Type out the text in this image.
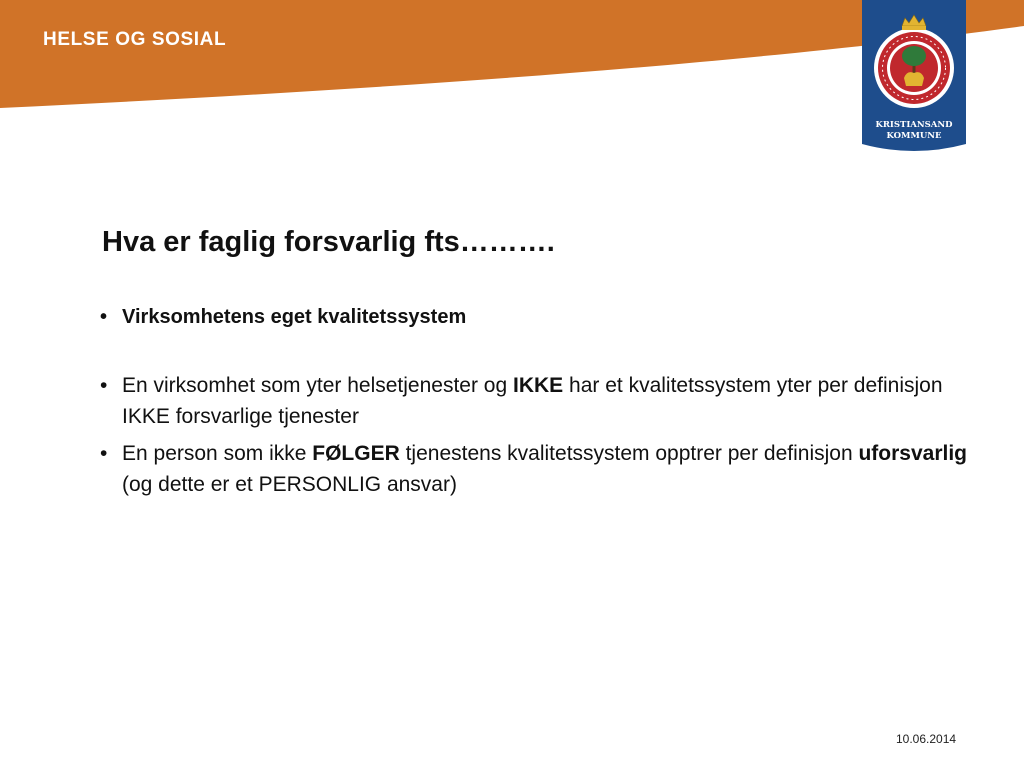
HELSE OG SOSIAL
KRISTIANSAND
KOMMUNE
Hva er faglig forsvarlig fts……….
• Virksomhetens eget kvalitetssystem
• En virksomhet som yter helsetjenester og IKKE har et kvalitetssystem yter per definisjon IKKE forsvarlige tjenester
• En person som ikke FØLGER tjenestens kvalitetssystem opptrer per definisjon uforsvarlig (og dette er et PERSONLIG ansvar)
10.06.2014
